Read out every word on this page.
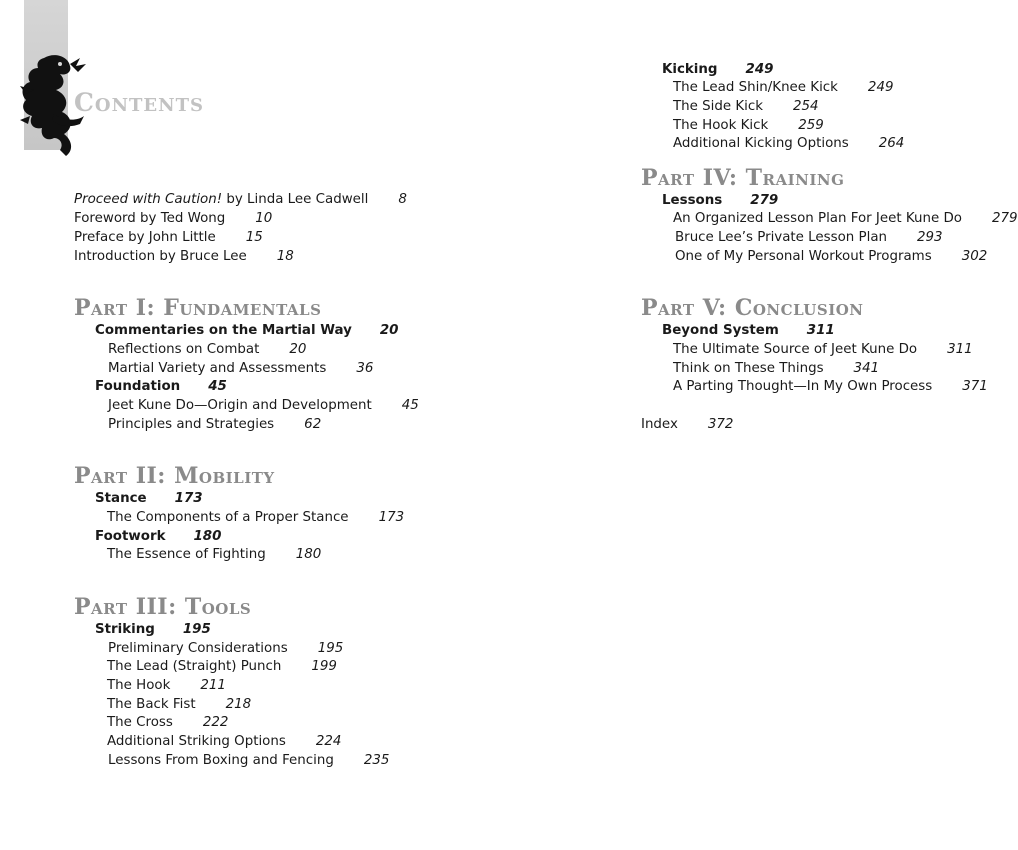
Contents
Proceed with Caution! by Linda Lee Cadwell 8
Foreword by Ted Wong 10
Preface by John Little 15
Introduction by Bruce Lee 18
Part I: Fundamentals
Commentaries on the Martial Way 20
Reflections on Combat 20
Martial Variety and Assessments 36
Foundation 45
Jeet Kune Do—Origin and Development 45
Principles and Strategies 62
Part II: Mobility
Stance 173
The Components of a Proper Stance 173
Footwork 180
The Essence of Fighting 180
Part III: Tools
Striking 195
Preliminary Considerations 195
The Lead (Straight) Punch 199
The Hook 211
The Back Fist 218
The Cross 222
Additional Striking Options 224
Lessons From Boxing and Fencing 235
Kicking 249
The Lead Shin/Knee Kick 249
The Side Kick 254
The Hook Kick 259
Additional Kicking Options 264
Part IV: Training
Lessons 279
An Organized Lesson Plan For Jeet Kune Do 279
Bruce Lee’s Private Lesson Plan 293
One of My Personal Workout Programs 302
Part V: Conclusion
Beyond System 311
The Ultimate Source of Jeet Kune Do 311
Think on These Things 341
A Parting Thought—In My Own Process 371
Index 372
